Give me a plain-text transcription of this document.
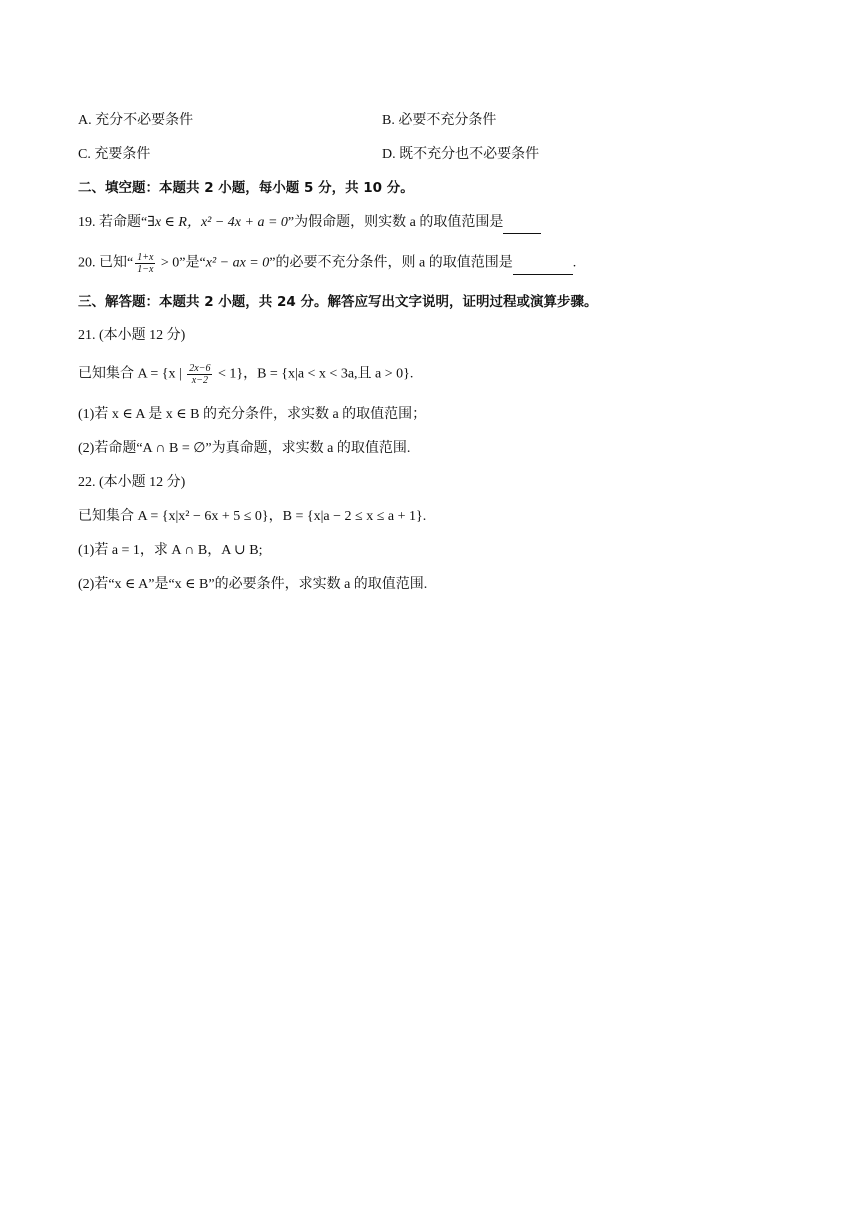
A. 充分不必要条件	B. 必要不充分条件
C. 充要条件	D. 既不充分也不必要条件
二、填空题：本题共 2 小题，每小题 5 分，共 10 分。
19. 若命题“∃x ∈ R，x² − 4x + a = 0”为假命题，则实数 a 的取值范围是
20. 已知“ $\frac{1+x}{1-x} > 0$”是“x² − ax = 0”的必要不充分条件，则 a 的取值范围是	.
三、解答题：本题共 2 小题，共 24 分。解答应写出文字说明，证明过程或演算步骤。
21. (本小题 12 分)
已知集合 A = {x | $\frac{2x-6}{x-2} < 1$}，B = {x|a < x < 3a,且 a > 0}.
(1)若 x ∈ A 是 x ∈ B 的充分条件，求实数 a 的取值范围；
(2)若命题“A ∩ B = ∅”为真命题，求实数 a 的取值范围.
22. (本小题 12 分)
已知集合 A = {x|x² − 6x + 5 ≤ 0}，B = {x|a − 2 ≤ x ≤ a + 1}.
(1)若 a = 1，求 A ∩ B，A ∪ B;
(2)若“x ∈ A”是“x ∈ B”的必要条件，求实数 a 的取值范围.
